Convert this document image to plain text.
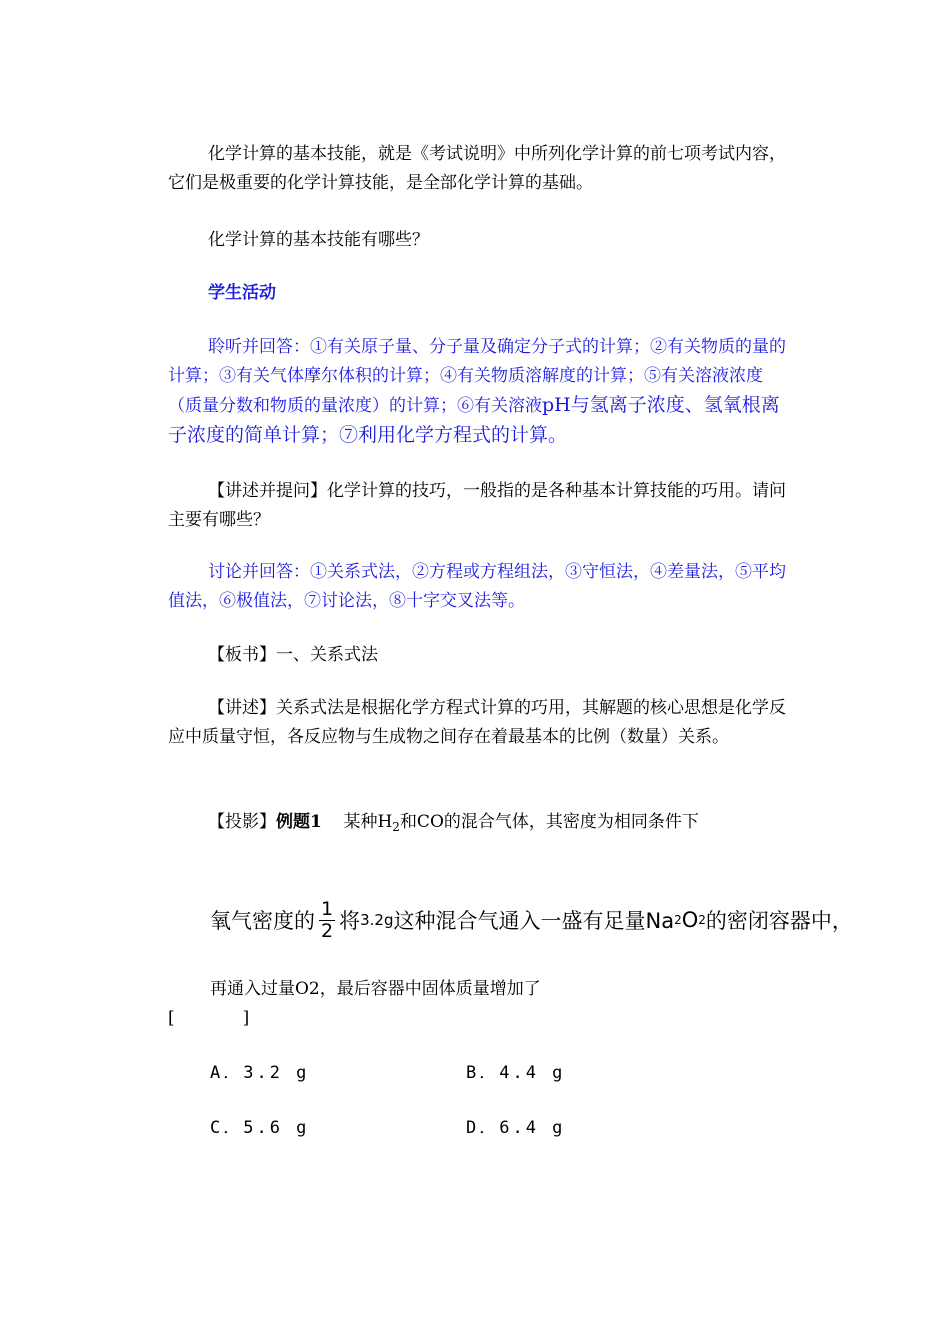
化学计算的基本技能，就是《考试说明》中所列化学计算的前七项考试内容，它们是极重要的化学计算技能，是全部化学计算的基础。
化学计算的基本技能有哪些？
学生活动
聆听并回答：①有关原子量、分子量及确定分子式的计算；②有关物质的量的计算；③有关气体摩尔体积的计算；④有关物质溶解度的计算；⑤有关溶液浓度（质量分数和物质的量浓度）的计算；⑥有关溶液pH与氢离子浓度、氢氧根离子浓度的简单计算；⑦利用化学方程式的计算。
【讲述并提问】化学计算的技巧，一般指的是各种基本计算技能的巧用。请问主要有哪些？
讨论并回答：①关系式法，②方程或方程组法，③守恒法，④差量法，⑤平均值法，⑥极值法，⑦讨论法，⑧十字交叉法等。
【板书】一、关系式法
【讲述】关系式法是根据化学方程式计算的巧用，其解题的核心思想是化学反应中质量守恒，各反应物与生成物之间存在着最基本的比例（数量）关系。
【投影】例题1 某种$H_2$和CO的混合气体，其密度为相同条件下
氧气密度的 $\frac{1}{2}$ 将 3.2g 这种混合气通入一盛有足量Na 2 O 2 的密闭容器中，
再通入过量O2，最后容器中固体质量增加了
[　　　　]
A．3.2 g	B．4.4 g
C．5.6 g	D．6.4 g
